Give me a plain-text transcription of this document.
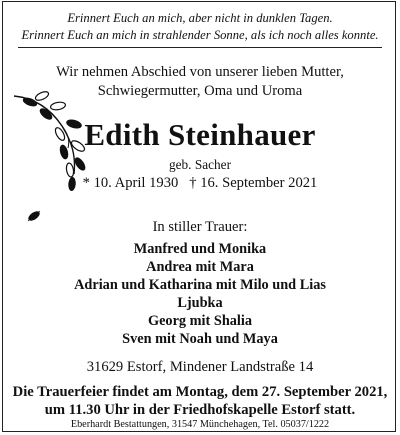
Erinnert Euch an mich, aber nicht in dunklen Tagen.
Erinnert Euch an mich in strahlender Sonne, als ich noch alles konnte.
Wir nehmen Abschied von unserer lieben Mutter,
Schwiegermutter, Oma und Uroma
Edith Steinhauer
geb. Sacher
* 10. April 1930   † 16. September 2021
In stiller Trauer:
Manfred und Monika
Andrea mit Mara
Adrian und Katharina mit Milo und Lias
Ljubka
Georg mit Shalia
Sven mit Noah und Maya
31629 Estorf, Mindener Landstraße 14
Die Trauerfeier findet am Montag, dem 27. September 2021,
um 11.30 Uhr in der Friedhofskapelle Estorf statt.
Eberhardt Bestattungen, 31547 Münchehagen, Tel. 05037/1222
